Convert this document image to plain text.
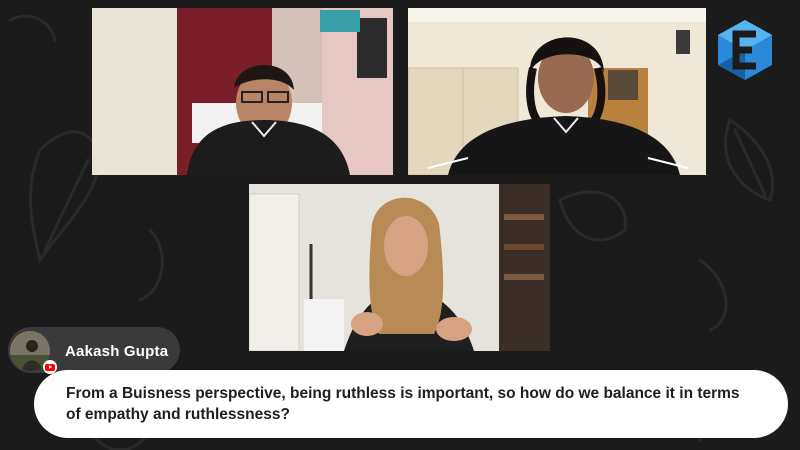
Aakash Gupta
From a Buisness perspective, being ruthless is important, so how do we balance it in terms of empathy and ruthlessness?
